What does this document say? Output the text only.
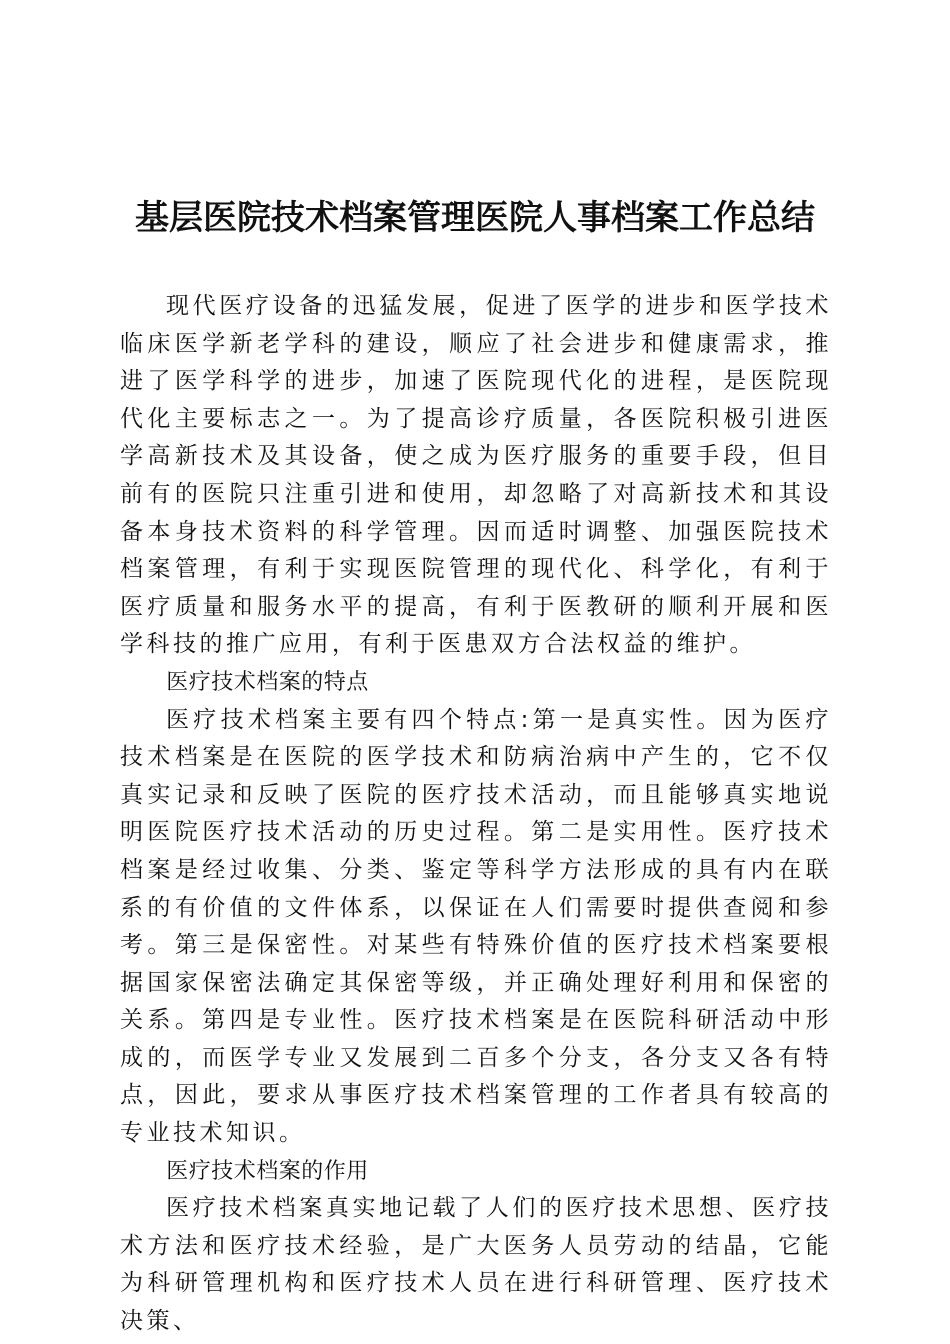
基层医院技术档案管理医院人事档案工作总结

现代医疗设备的迅猛发展，促进了医学的进步和医学技术临床医学新老学科的建设，顺应了社会进步和健康需求，推进了医学科学的进步，加速了医院现代化的进程，是医院现代化主要标志之一。为了提高诊疗质量，各医院积极引进医学高新技术及其设备，使之成为医疗服务的重要手段，但目前有的医院只注重引进和使用，却忽略了对高新技术和其设备本身技术资料的科学管理。因而适时调整、加强医院技术档案管理，有利于实现医院管理的现代化、科学化，有利于医疗质量和服务水平的提高，有利于医教研的顺利开展和医学科技的推广应用，有利于医患双方合法权益的维护。

医疗技术档案的特点

医疗技术档案主要有四个特点:第一是真实性。因为医疗技术档案是在医院的医学技术和防病治病中产生的，它不仅真实记录和反映了医院的医疗技术活动，而且能够真实地说明医院医疗技术活动的历史过程。第二是实用性。医疗技术档案是经过收集、分类、鉴定等科学方法形成的具有内在联系的有价值的文件体系，以保证在人们需要时提供查阅和参考。第三是保密性。对某些有特殊价值的医疗技术档案要根据国家保密法确定其保密等级，并正确处理好利用和保密的关系。第四是专业性。医疗技术档案是在医院科研活动中形成的，而医学专业又发展到二百多个分支，各分支又各有特点，因此，要求从事医疗技术档案管理的工作者具有较高的专业技术知识。

医疗技术档案的作用

医疗技术档案真实地记载了人们的医疗技术思想、医疗技术方法和医疗技术经验，是广大医务人员劳动的结晶，它能为科研管理机构和医疗技术人员在进行科研管理、医疗技术决策、
